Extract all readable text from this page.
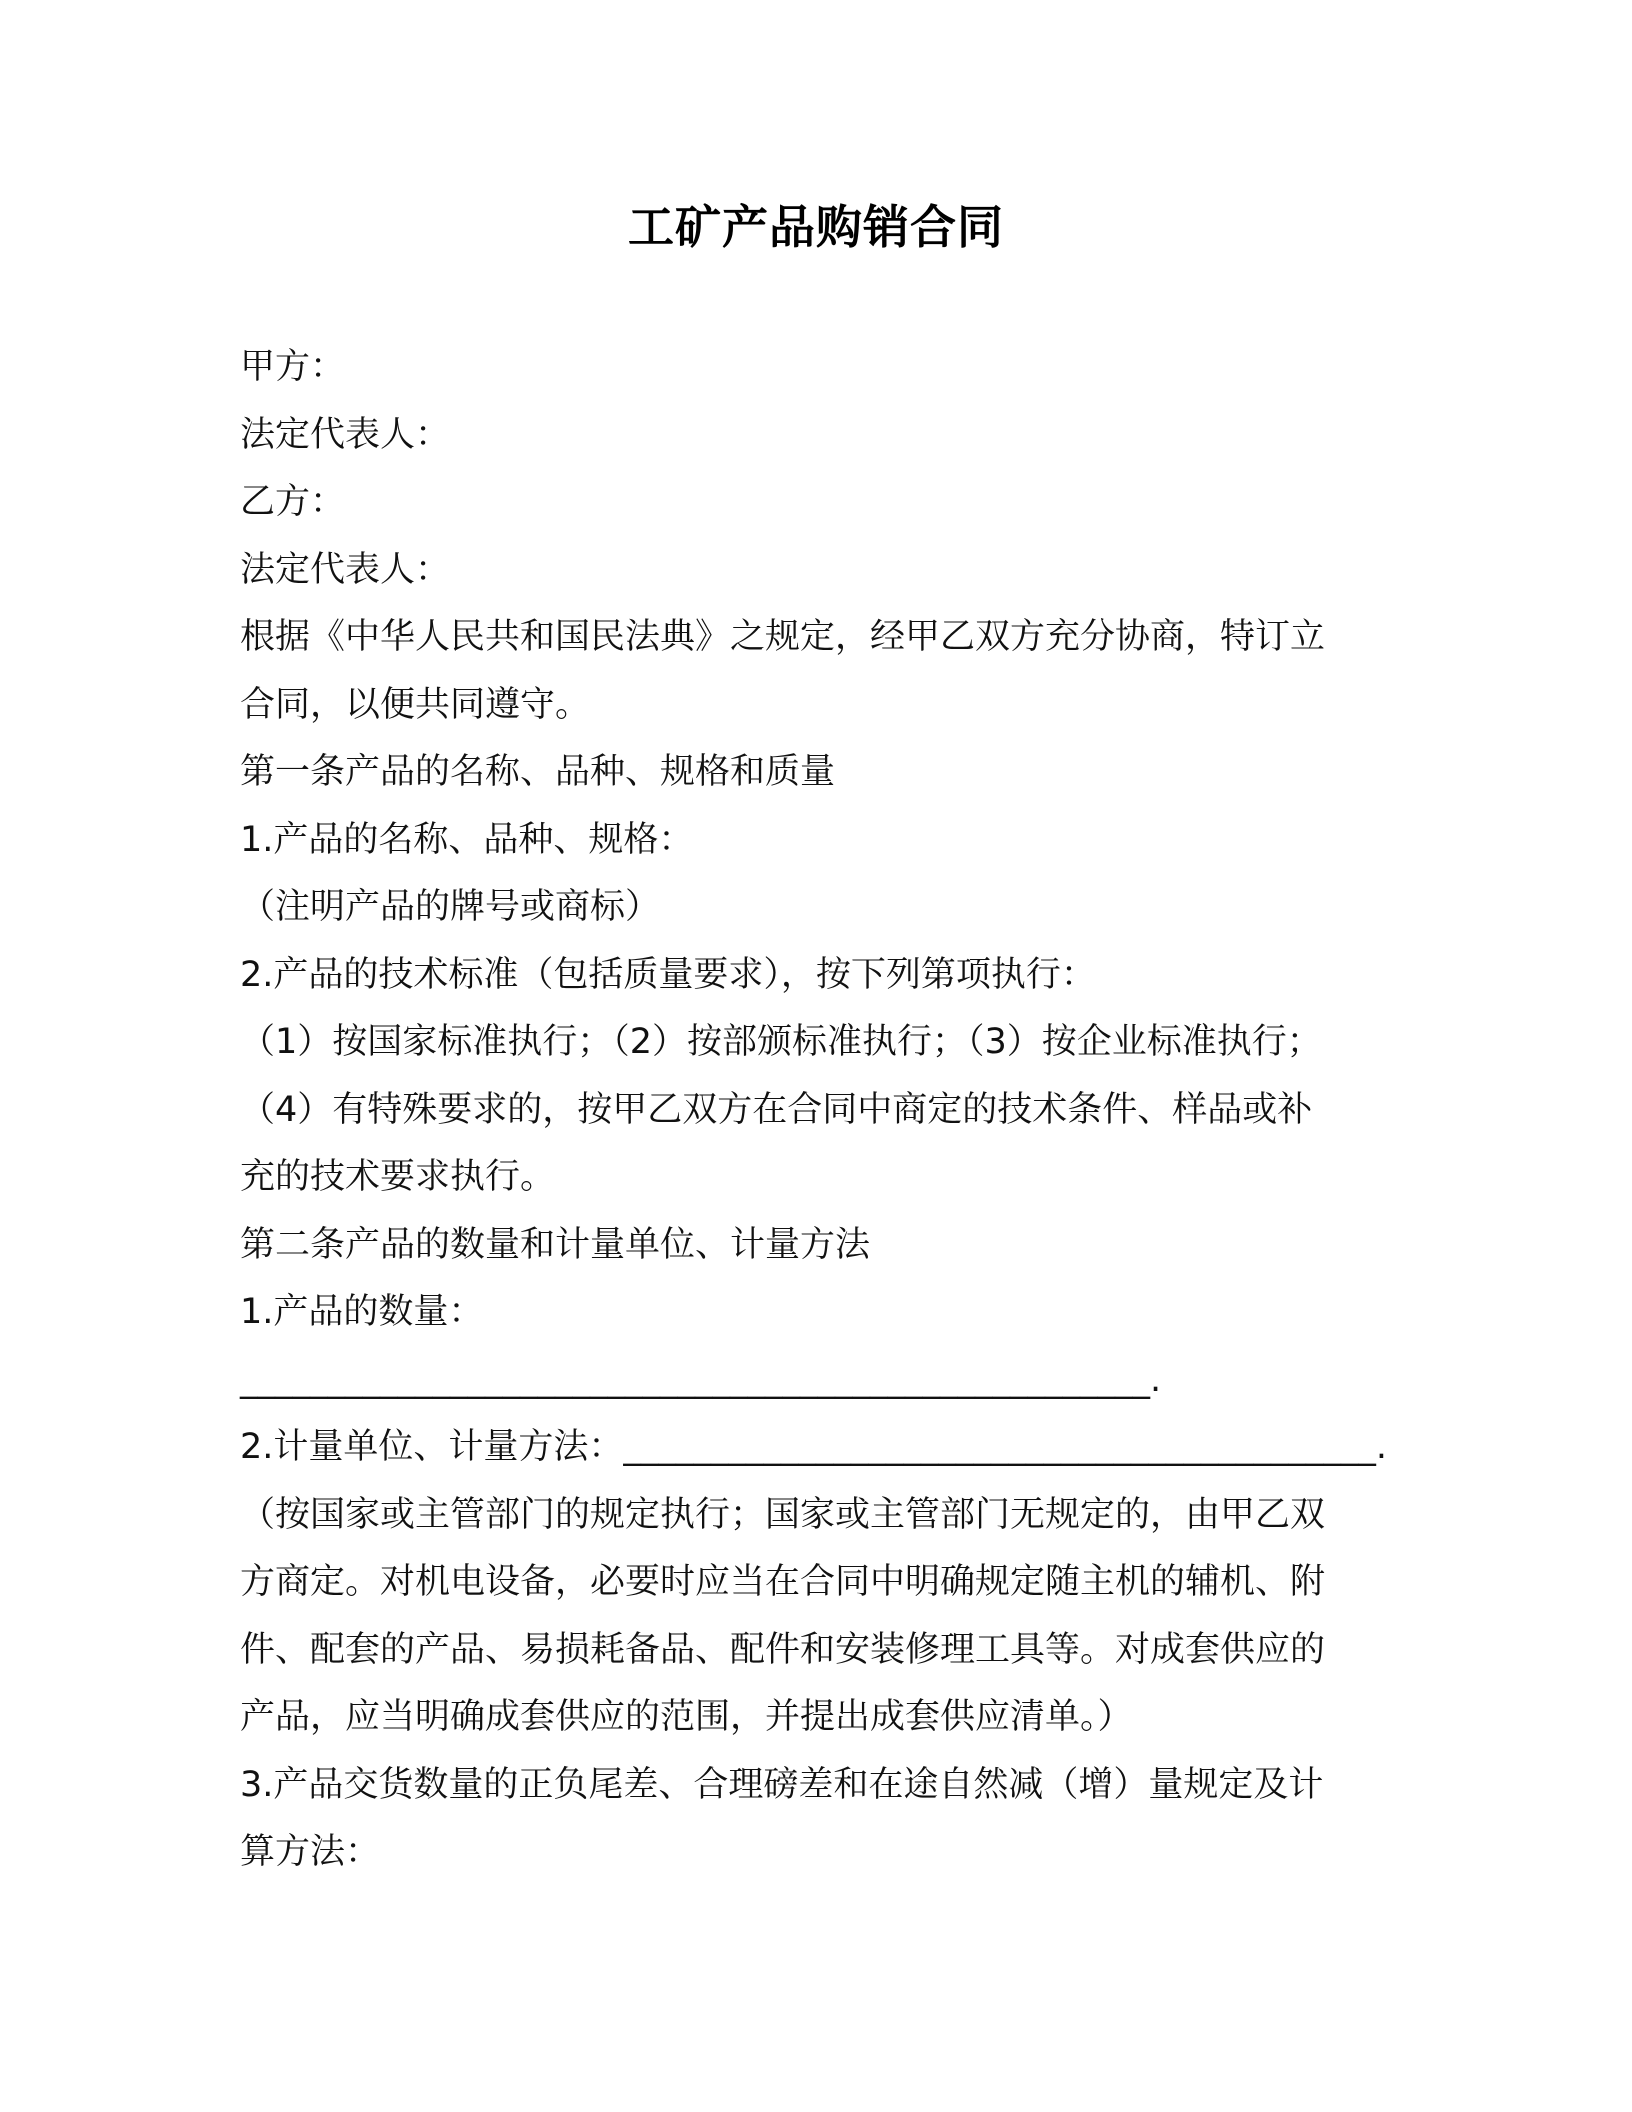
工矿产品购销合同
甲方：
法定代表人：
乙方：
法定代表人：
根据《中华人民共和国民法典》之规定，经甲乙双方充分协商，特订立
合同，以便共同遵守。
第一条产品的名称、品种、规格和质量
1.产品的名称、品种、规格：
（注明产品的牌号或商标）
2.产品的技术标准（包括质量要求），按下列第项执行：
（1）按国家标准执行；（2）按部颁标准执行；（3）按企业标准执行；
（4）有特殊要求的，按甲乙双方在合同中商定的技术条件、样品或补
充的技术要求执行。
第二条产品的数量和计量单位、计量方法
1.产品的数量：
____________________________________________________.
2.计量单位、计量方法：___________________________________________.
（按国家或主管部门的规定执行；国家或主管部门无规定的，由甲乙双
方商定。对机电设备，必要时应当在合同中明确规定随主机的辅机、附
件、配套的产品、易损耗备品、配件和安装修理工具等。对成套供应的
产品，应当明确成套供应的范围，并提出成套供应清单。）
3.产品交货数量的正负尾差、合理磅差和在途自然减（增）量规定及计
算方法：
